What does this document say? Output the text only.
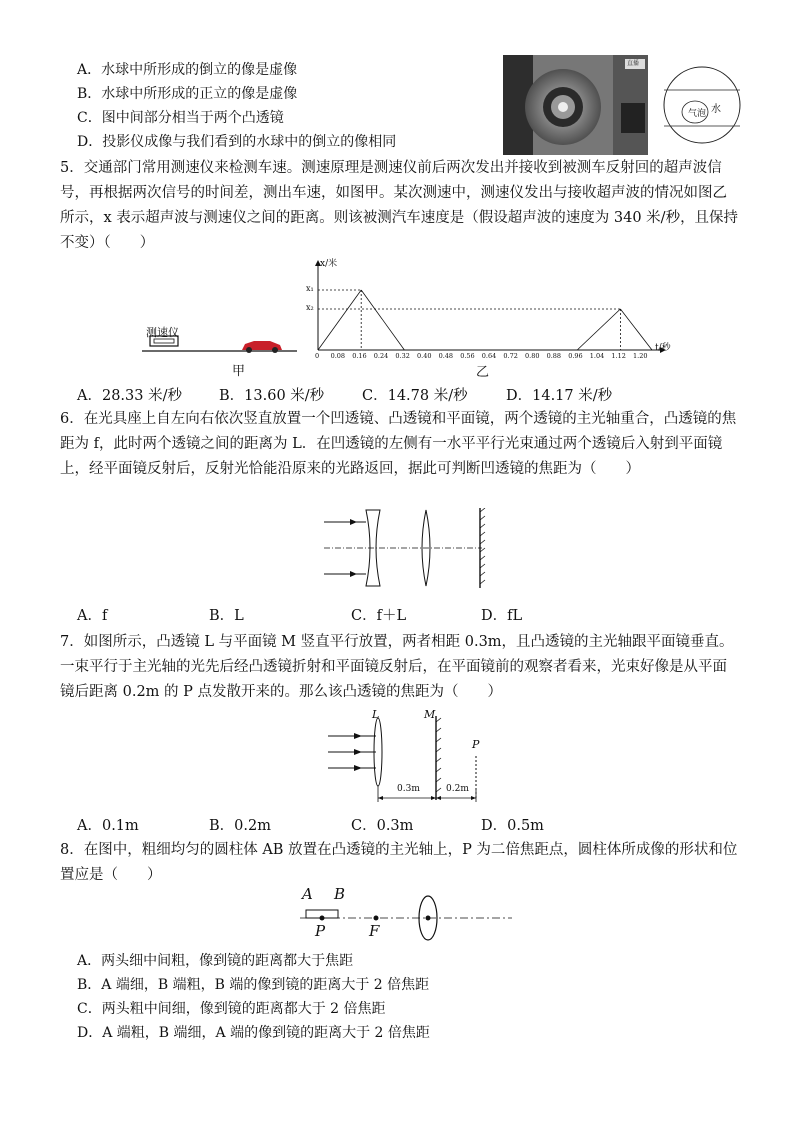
A．水球中所形成的倒立的像是虚像
B．水球中所形成的正立的像是虚像
C．图中间部分相当于两个凸透镜
D．投影仪成像与我们看到的水球中的倒立的像相同
直播
气泡 水
5．交通部门常用测速仪来检测车速。测速原理是测速仪前后两次发出并接收到被测车反射回的超声波信号，再根据两次信号的时间差，测出车速，如图甲。某次测速中，测速仪发出与接收超声波的情况如图乙所示，x 表示超声波与测速仪之间的距离。则该被测汽车速度是（假设超声波的速度为 340 米/秒，且保持不变）（　　）
测速仪
甲
x/米
t/秒
x₁
x₂
0 0.08 0.16 0.24 0.32 0.40 0.48 0.56 0.64 0.72 0.80 0.88 0.96 1.04 1.12 1.20
乙
A．28.33 米/秒	B．13.60 米/秒	C．14.78 米/秒	D．14.17 米/秒
6．在光具座上自左向右依次竖直放置一个凹透镜、凸透镜和平面镜，两个透镜的主光轴重合，凸透镜的焦距为 f，此时两个透镜之间的距离为 L．在凹透镜的左侧有一水平平行光束通过两个透镜后入射到平面镜上，经平面镜反射后，反射光恰能沿原来的光路返回，据此可判断凹透镜的焦距为（　　）
A．f	B．L	C．f＋L	D．fL
7．如图所示，凸透镜 L 与平面镜 M 竖直平行放置，两者相距 0.3m，且凸透镜的主光轴跟平面镜垂直。一束平行于主光轴的光先后经凸透镜折射和平面镜反射后，在平面镜前的观察者看来，光束好像是从平面镜后距离 0.2m 的 P 点发散开来的。那么该凸透镜的焦距为（　　）
L	M
P
0.3m	0.2m
A．0.1m	B．0.2m	C．0.3m	D．0.5m
8．在图中，粗细均匀的圆柱体 AB 放置在凸透镜的主光轴上，P 为二倍焦距点，圆柱体所成像的形状和位置应是（　　）
A B
P	F
A．两头细中间粗，像到镜的距离都大于焦距
B．A 端细，B 端粗，B 端的像到镜的距离大于 2 倍焦距
C．两头粗中间细，像到镜的距离都大于 2 倍焦距
D．A 端粗，B 端细，A 端的像到镜的距离大于 2 倍焦距
